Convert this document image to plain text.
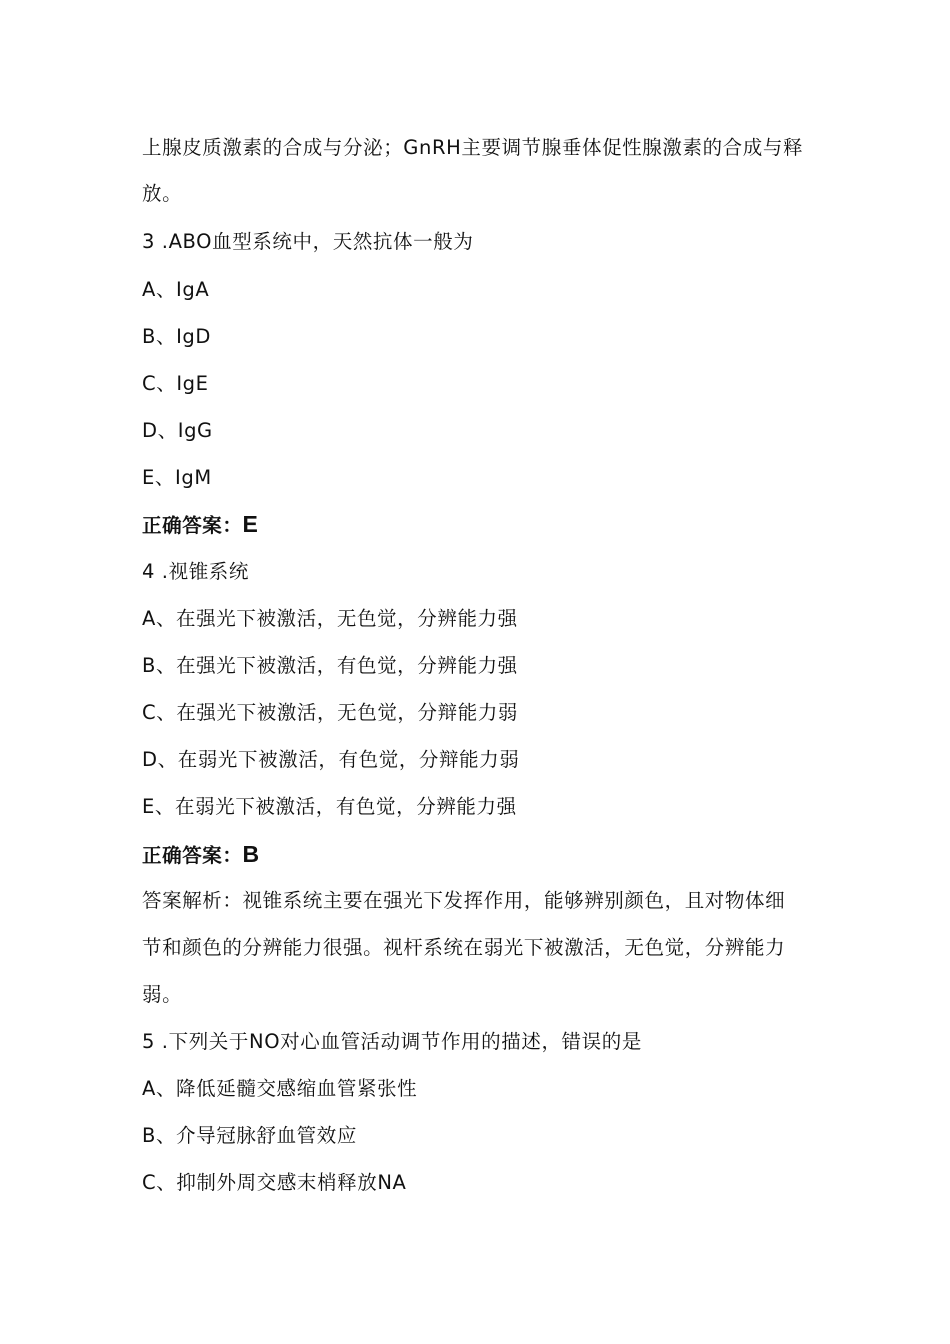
上腺皮质激素的合成与分泌；GnRH主要调节腺垂体促性腺激素的合成与释
放。
3 .ABO血型系统中，天然抗体一般为
A、IgA
B、IgD
C、IgE
D、IgG
E、IgM
正确答案：E
4 .视锥系统
A、在强光下被激活，无色觉，分辨能力强
B、在强光下被激活，有色觉，分辨能力强
C、在强光下被激活，无色觉，分辩能力弱
D、在弱光下被激活，有色觉，分辩能力弱
E、在弱光下被激活，有色觉，分辨能力强
正确答案：B
答案解析：视锥系统主要在强光下发挥作用，能够辨别颜色，且对物体细
节和颜色的分辨能力很强。视杆系统在弱光下被激活，无色觉，分辨能力
弱。
5 .下列关于NO对心血管活动调节作用的描述，错误的是
A、降低延髓交感缩血管紧张性
B、介导冠脉舒血管效应
C、抑制外周交感末梢释放NA
